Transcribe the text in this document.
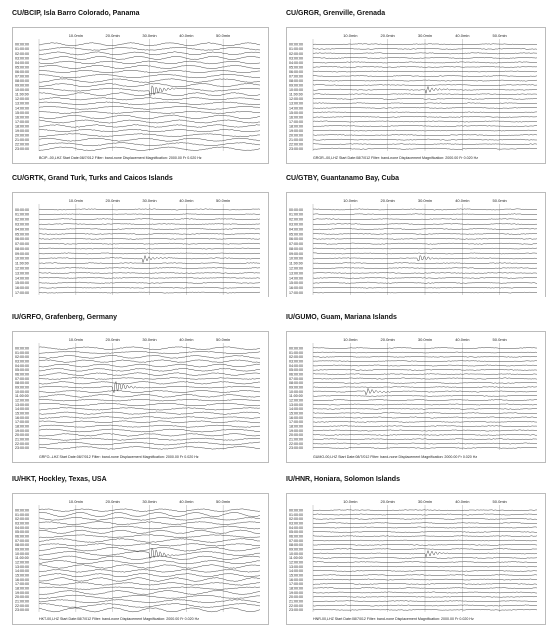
CU/BCIP, Isla Barro Colorado, Panama
10.0min	20.0min	30.0min	40.0min	50.0min
00:00:00
01:00:00
02:00:00
03:00:00
04:00:00
05:00:00
06:00:00
07:00:00
08:00:00
09:00:00
10:00:00
11:00:00
12:00:00
13:00:00
14:00:00
15:00:00
16:00:00
17:00:00
18:00:00
19:00:00
20:00:00
21:00:00
22:00:00
23:00:00
BCIP--00,LHZ Start Date:08/7/012 Filter: band-none Displacement Magnification: 2000.00 Fr 0.020 Hz
CU/GRGR, Grenville, Grenada
10.0min	20.0min	30.0min	40.0min	50.0min
00:00:00
01:00:00
02:00:00
03:00:00
04:00:00
05:00:00
06:00:00
07:00:00
08:00:00
09:00:00
10:00:00
11:00:00
12:00:00
13:00:00
14:00:00
15:00:00
16:00:00
17:00:00
18:00:00
19:00:00
20:00:00
21:00:00
22:00:00
23:00:00
GRGR--00,LHZ Start Date:08/7/012 Filter: band-none Displacement Magnification: 2000.00 Fr 0.020 Hz
CU/GRTK, Grand Turk, Turks and Caicos Islands
10.0min	20.0min	30.0min	40.0min	50.0min
00:00:00
01:00:00
02:00:00
03:00:00
04:00:00
05:00:00
06:00:00
07:00:00
08:00:00
09:00:00
10:00:00
11:00:00
12:00:00
13:00:00
14:00:00
15:00:00
16:00:00
17:00:00
CU/GTBY, Guantanamo Bay, Cuba
10.0min	20.0min	30.0min	40.0min	50.0min
00:00:00
01:00:00
02:00:00
03:00:00
04:00:00
05:00:00
06:00:00
07:00:00
08:00:00
09:00:00
10:00:00
11:00:00
12:00:00
13:00:00
14:00:00
15:00:00
16:00:00
17:00:00
IU/GRFO, Grafenberg, Germany
10.0min	20.0min	30.0min	40.0min	50.0min
00:00:00
01:00:00
02:00:00
03:00:00
04:00:00
05:00:00
06:00:00
07:00:00
08:00:00
09:00:00
10:00:00
11:00:00
12:00:00
13:00:00
14:00:00
15:00:00
16:00:00
17:00:00
18:00:00
19:00:00
20:00:00
21:00:00
22:00:00
23:00:00
GRFO--LHZ Start Date:08/7/012 Filter: band-none Displacement Magnification: 2000.00 Fr 0.020 Hz
IU/GUMO, Guam, Mariana Islands
10.0min	20.0min	30.0min	40.0min	50.0min
00:00:00
01:00:00
02:00:00
03:00:00
04:00:00
05:00:00
06:00:00
07:00:00
08:00:00
09:00:00
10:00:00
11:00:00
12:00:00
13:00:00
14:00:00
15:00:00
16:00:00
17:00:00
18:00:00
19:00:00
20:00:00
21:00:00
22:00:00
23:00:00
GUMO-00,LHZ Start Date:08/7/012 Filter: band-none Displacement Magnification: 2000.00 Fr 0.020 Hz
IU/HKT, Hockley, Texas, USA
10.0min	20.0min	30.0min	40.0min	50.0min
00:00:00
01:00:00
02:00:00
03:00:00
04:00:00
05:00:00
06:00:00
07:00:00
08:00:00
09:00:00
10:00:00
11:00:00
12:00:00
13:00:00
14:00:00
15:00:00
16:00:00
17:00:00
18:00:00
19:00:00
20:00:00
21:00:00
22:00:00
23:00:00
HKT-00,LHZ Start Date:08/7/012 Filter: band-none Displacement Magnification: 2000.00 Fr 0.020 Hz
IU/HNR, Honiara, Solomon Islands
10.0min	20.0min	30.0min	40.0min	50.0min
00:00:00
01:00:00
02:00:00
03:00:00
04:00:00
05:00:00
06:00:00
07:00:00
08:00:00
09:00:00
10:00:00
11:00:00
12:00:00
13:00:00
14:00:00
15:00:00
16:00:00
17:00:00
18:00:00
19:00:00
20:00:00
21:00:00
22:00:00
23:00:00
HNR-00,LHZ Start Date:08/7/012 Filter: band-none Displacement Magnification: 2000.00 Fr 0.020 Hz
